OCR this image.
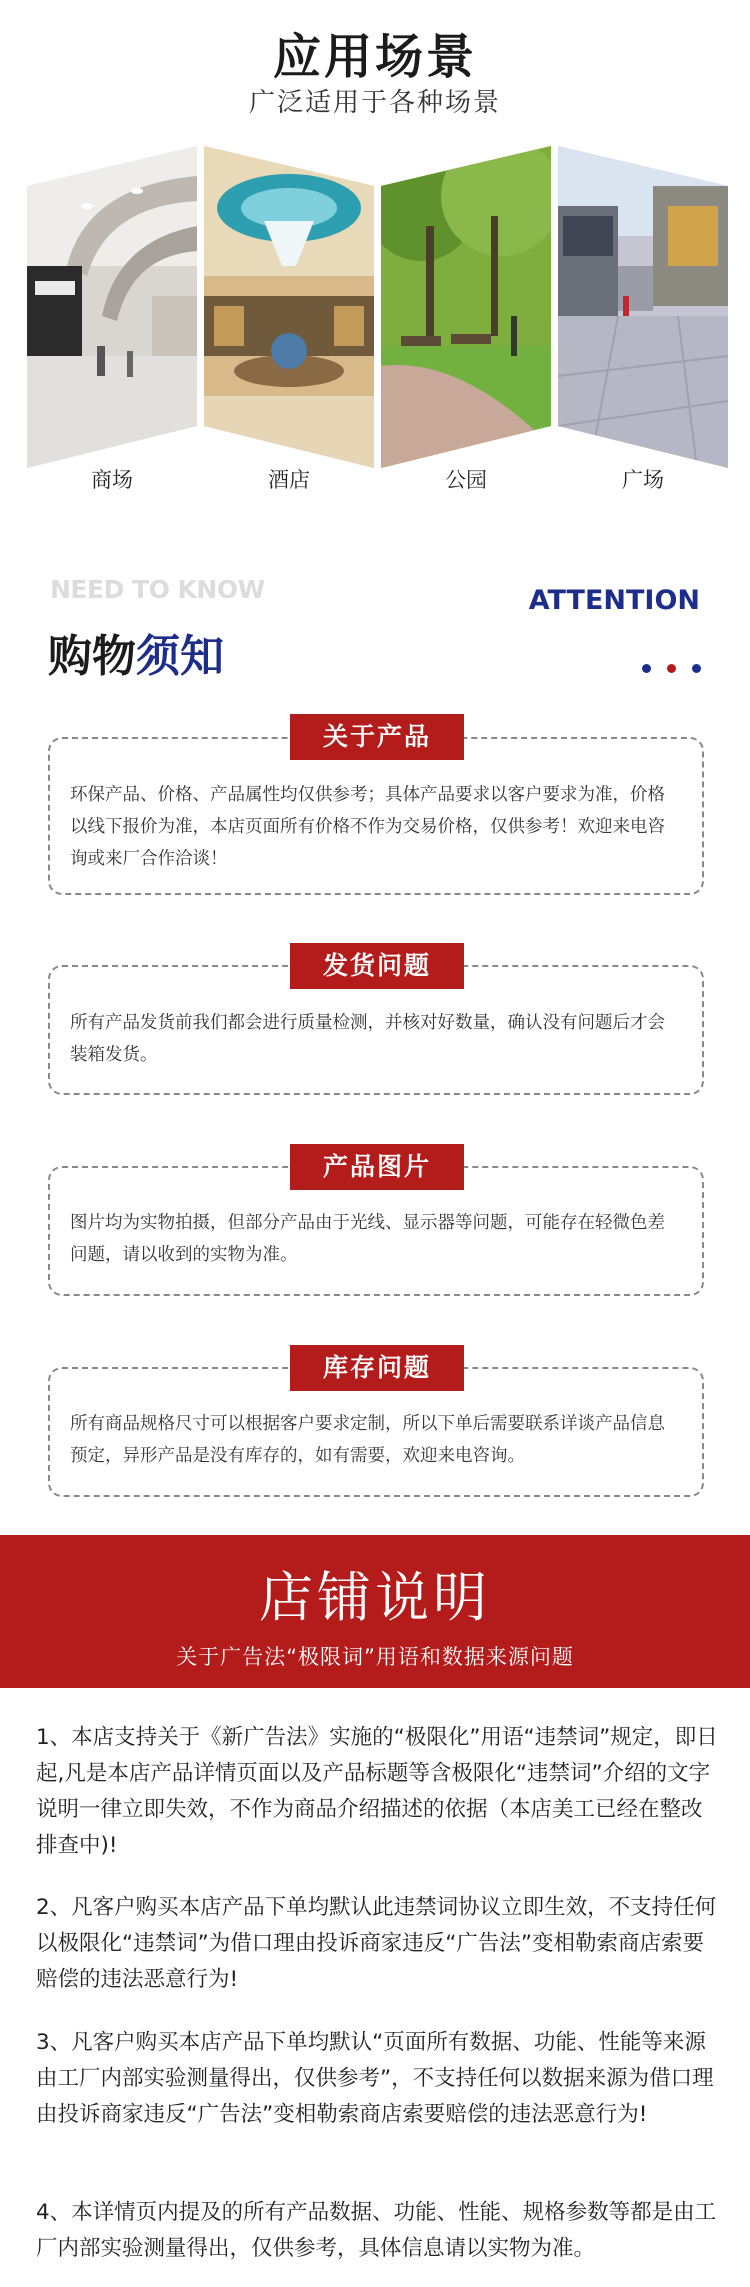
应用场景
广泛适用于各种场景
商场	酒店	公园	广场
NEED TO KNOW	ATTENTION
购物须知
关于产品
环保产品、价格、产品属性均仅供参考；具体产品要求以客户要求为准，价格以线下报价为准，本店页面所有价格不作为交易价格，仅供参考！欢迎来电咨询或来厂合作洽谈！
发货问题
所有产品发货前我们都会进行质量检测，并核对好数量，确认没有问题后才会装箱发货。
产品图片
图片均为实物拍摄，但部分产品由于光线、显示器等问题，可能存在轻微色差问题，请以收到的实物为准。
库存问题
所有商品规格尺寸可以根据客户要求定制，所以下单后需要联系详谈产品信息预定，异形产品是没有库存的，如有需要，欢迎来电咨询。
店铺说明
关于广告法“极限词”用语和数据来源问题
1、本店支持关于《新广告法》实施的“极限化”用语“违禁词”规定，即日起,凡是本店产品详情页面以及产品标题等含极限化“违禁词”介绍的文字说明一律立即失效，不作为商品介绍描述的依据（本店美工已经在整改排查中)!
2、凡客户购买本店产品下单均默认此违禁词协议立即生效，不支持任何以极限化“违禁词”为借口理由投诉商家违反“广告法”变相勒索商店索要赔偿的违法恶意行为!
3、凡客户购买本店产品下单均默认“页面所有数据、功能、性能等来源由工厂内部实验测量得出，仅供参考”，不支持任何以数据来源为借口理由投诉商家违反“广告法”变相勒索商店索要赔偿的违法恶意行为!
4、本详情页内提及的所有产品数据、功能、性能、规格参数等都是由工厂内部实验测量得出，仅供参考，具体信息请以实物为准。
